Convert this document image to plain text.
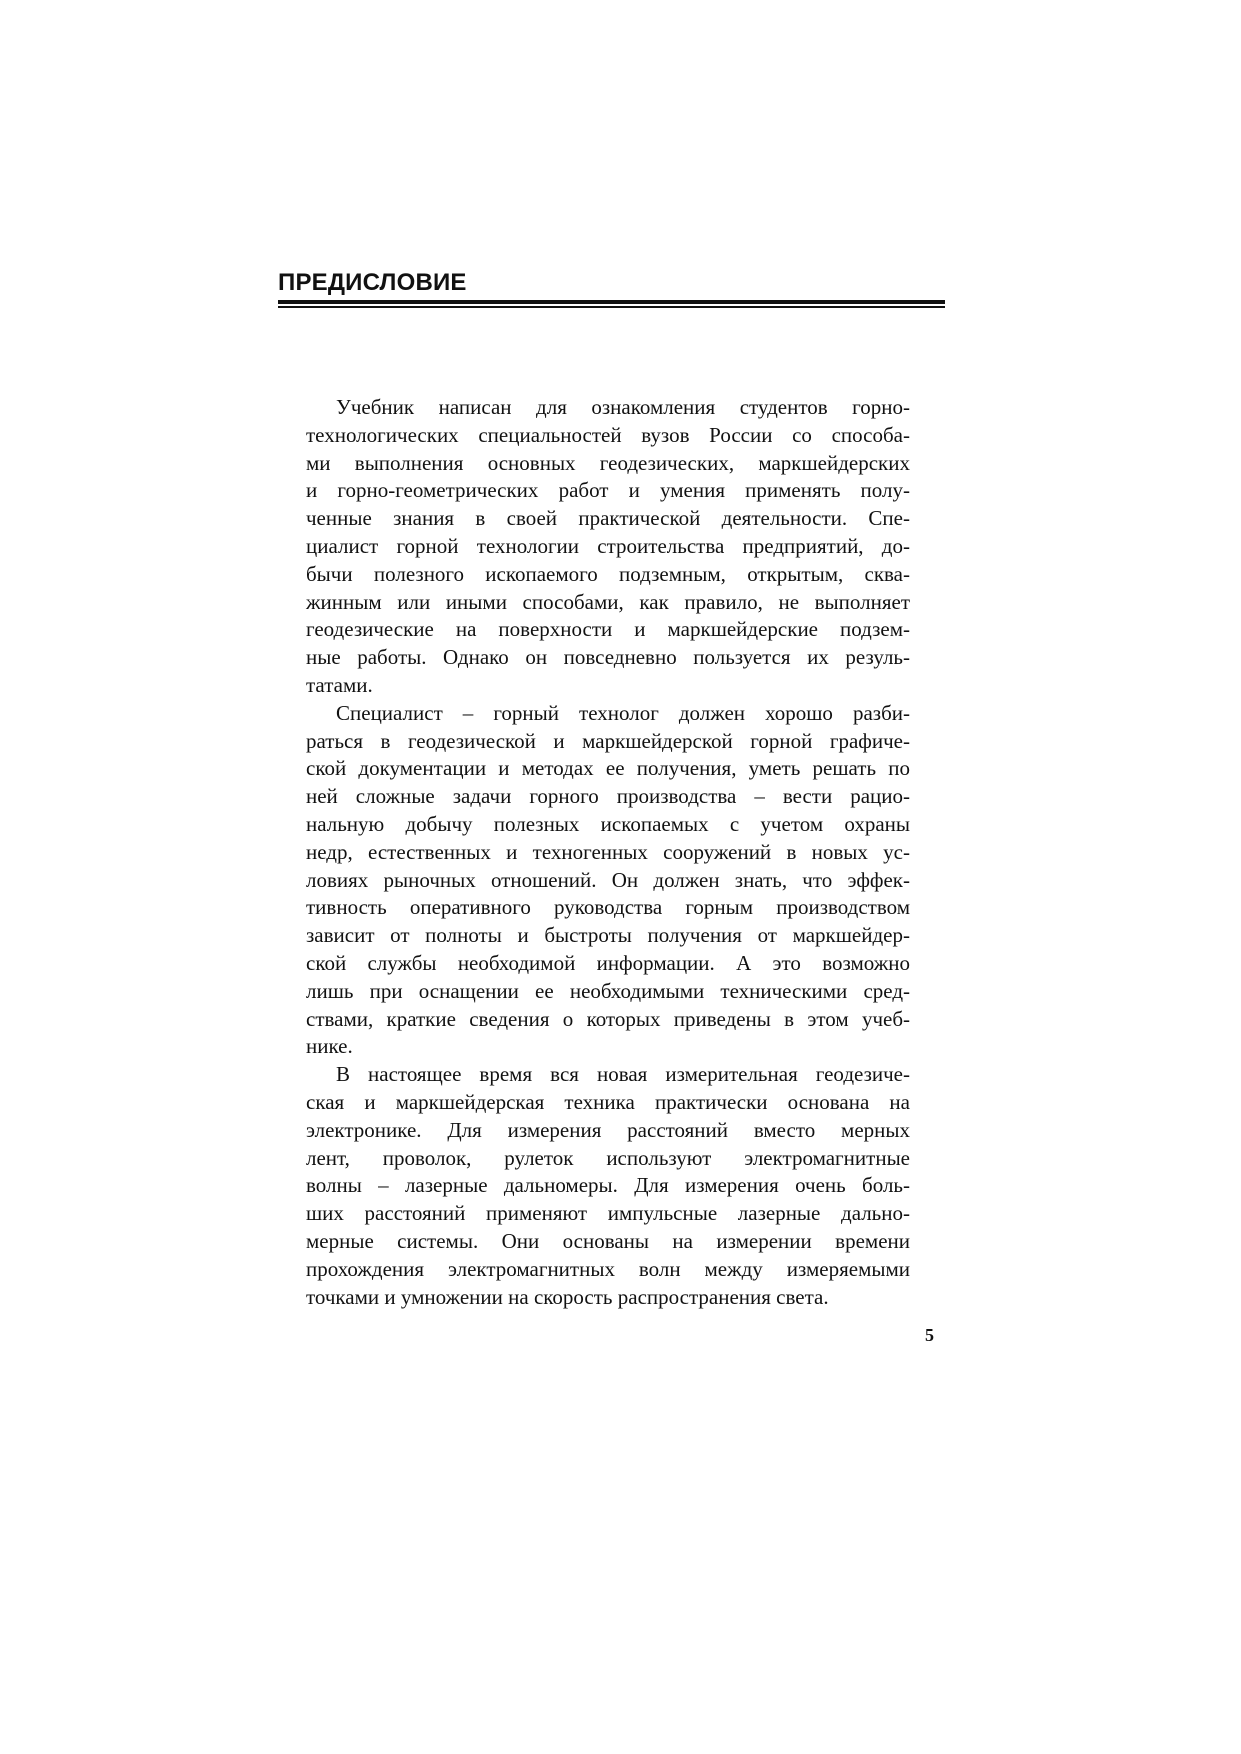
ПРЕДИСЛОВИЕ
Учебник написан для ознакомления студентов горно-
технологических специальностей вузов России со способа-
ми выполнения основных геодезических, маркшейдерских
и горно-геометрических работ и умения применять полу-
ченные знания в своей практической деятельности. Спе-
циалист горной технологии строительства предприятий, до-
бычи полезного ископаемого подземным, открытым, сква-
жинным или иными способами, как правило, не выполняет
геодезические на поверхности и маркшейдерские подзем-
ные работы. Однако он повседневно пользуется их резуль-
татами.
Специалист – горный технолог должен хорошо разби-
раться в геодезической и маркшейдерской горной графиче-
ской документации и методах ее получения, уметь решать по
ней сложные задачи горного производства – вести рацио-
нальную добычу полезных ископаемых с учетом охраны
недр, естественных и техногенных сооружений в новых ус-
ловиях рыночных отношений. Он должен знать, что эффек-
тивность оперативного руководства горным производством
зависит от полноты и быстроты получения от маркшейдер-
ской службы необходимой информации. А это возможно
лишь при оснащении ее необходимыми техническими сред-
ствами, краткие сведения о которых приведены в этом учеб-
нике.
В настоящее время вся новая измерительная геодезиче-
ская и маркшейдерская техника практически основана на
электронике. Для измерения расстояний вместо мерных
лент, проволок, рулеток используют электромагнитные
волны – лазерные дальномеры. Для измерения очень боль-
ших расстояний применяют импульсные лазерные дально-
мерные системы. Они основаны на измерении времени
прохождения электромагнитных волн между измеряемыми
точками и умножении на скорость распространения света.
5
